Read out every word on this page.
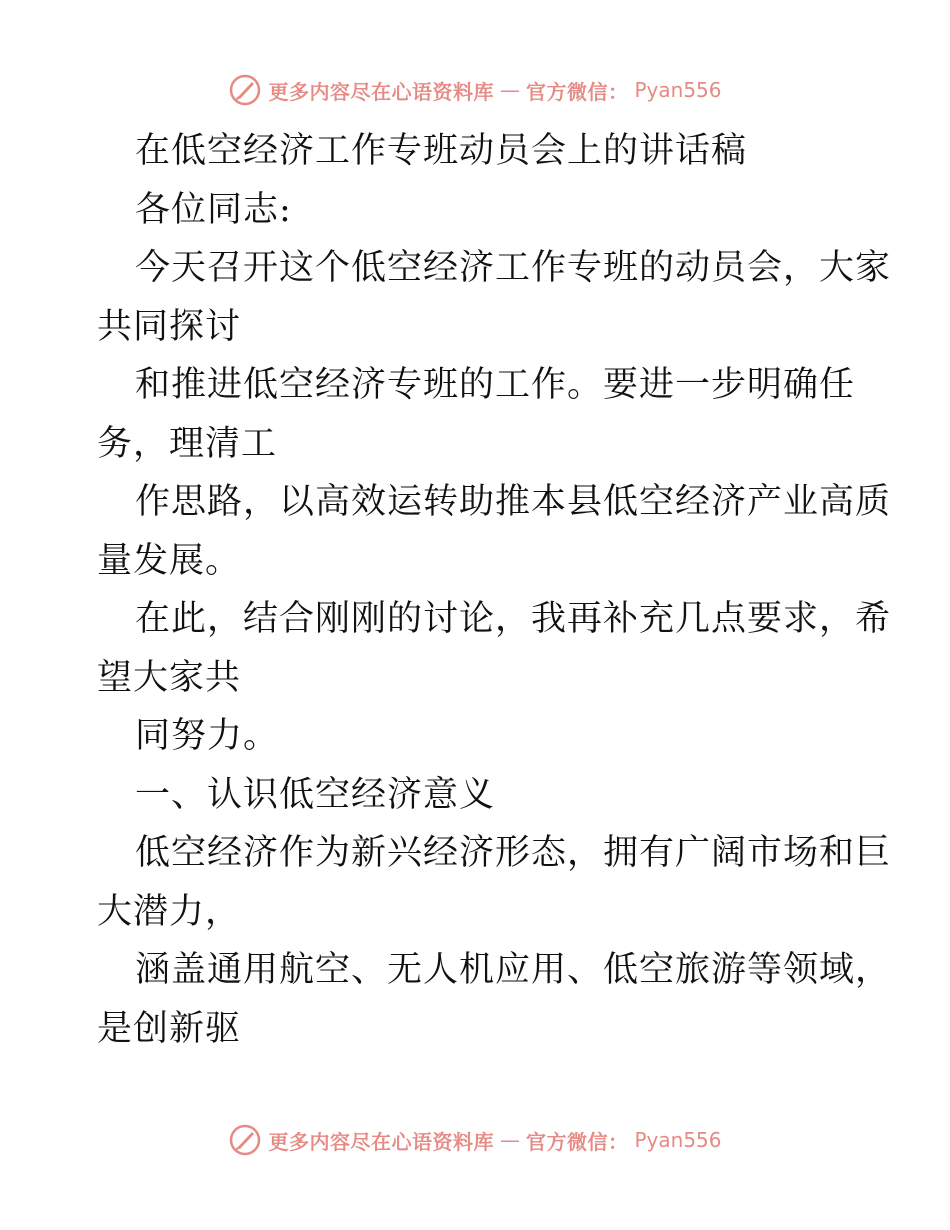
更多内容尽在心语资料库 — 官方微信： Pyan556
在低空经济工作专班动员会上的讲话稿
各位同志:
今天召开这个低空经济工作专班的动员会，大家
共同探讨
和推进低空经济专班的工作。要进一步明确任
务，理清工
作思路，以高效运转助推本县低空经济产业高质
量发展。
在此，结合刚刚的讨论，我再补充几点要求，希
望大家共
同努力。
一、认识低空经济意义
低空经济作为新兴经济形态，拥有广阔市场和巨
大潜力，
涵盖通用航空、无人机应用、低空旅游等领域，
是创新驱
更多内容尽在心语资料库 — 官方微信： Pyan556
